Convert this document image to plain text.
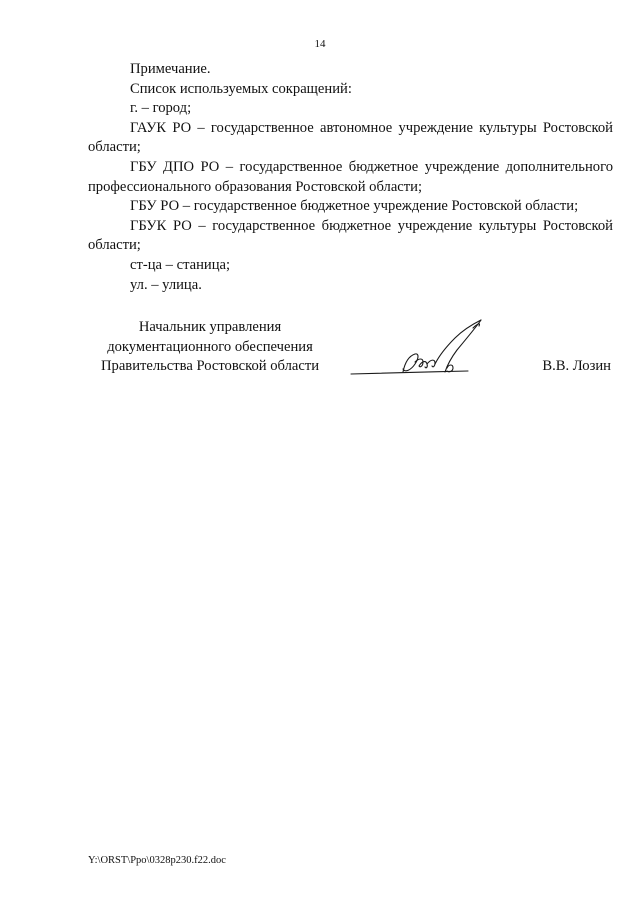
14

Примечание.

Список используемых сокращений:

г. – город;

ГАУК РО – государственное автономное учреждение культуры Ростовской области;

ГБУ ДПО РО – государственное бюджетное учреждение дополнительного профессионального образования Ростовской области;

ГБУ РО – государственное бюджетное учреждение Ростовской области;

ГБУК РО – государственное бюджетное учреждение культуры Ростовской области;

ст-ца – станица;

ул. – улица.

Начальник управления
документационного обеспечения
Правительства Ростовской области	В.В. Лозин
Y:\ORST\Ppo\0328p230.f22.doc
